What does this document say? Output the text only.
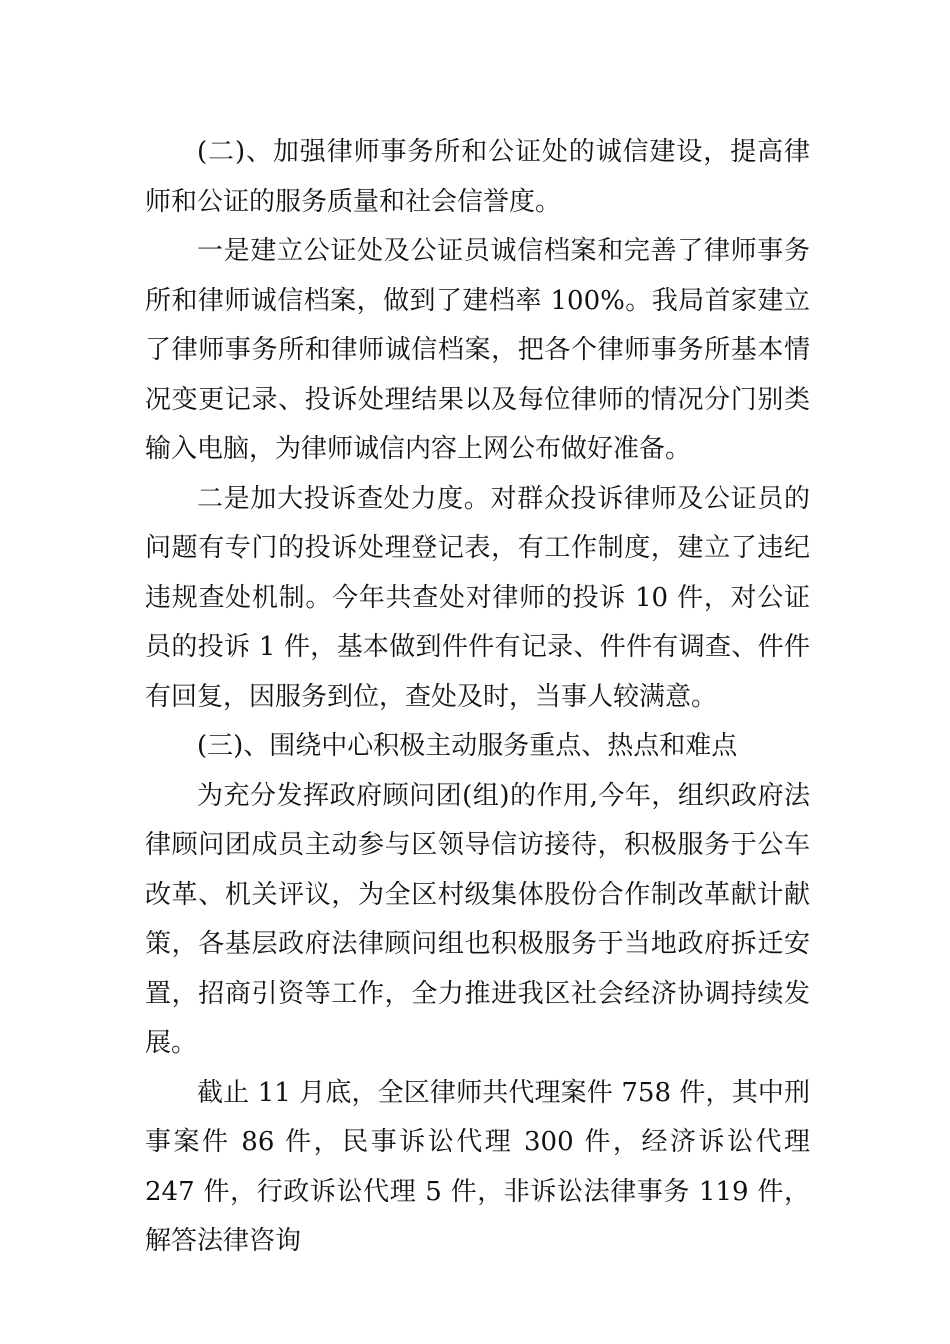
(二)、加强律师事务所和公证处的诚信建设，提高律师和公证的服务质量和社会信誉度。

一是建立公证处及公证员诚信档案和完善了律师事务所和律师诚信档案，做到了建档率 100%。我局首家建立了律师事务所和律师诚信档案，把各个律师事务所基本情况变更记录、投诉处理结果以及每位律师的情况分门别类输入电脑，为律师诚信内容上网公布做好准备。

二是加大投诉查处力度。对群众投诉律师及公证员的问题有专门的投诉处理登记表，有工作制度，建立了违纪违规查处机制。今年共查处对律师的投诉 10 件，对公证员的投诉 1 件，基本做到件件有记录、件件有调查、件件有回复，因服务到位，查处及时，当事人较满意。

(三)、围绕中心积极主动服务重点、热点和难点

为充分发挥政府顾问团(组)的作用,今年，组织政府法律顾问团成员主动参与区领导信访接待，积极服务于公车改革、机关评议，为全区村级集体股份合作制改革献计献策，各基层政府法律顾问组也积极服务于当地政府拆迁安置，招商引资等工作，全力推进我区社会经济协调持续发展。

截止 11 月底，全区律师共代理案件 758 件，其中刑事案件 86 件，民事诉讼代理 300 件，经济诉讼代理 247 件，行政诉讼代理 5 件，非诉讼法律事务 119 件，解答法律咨询
